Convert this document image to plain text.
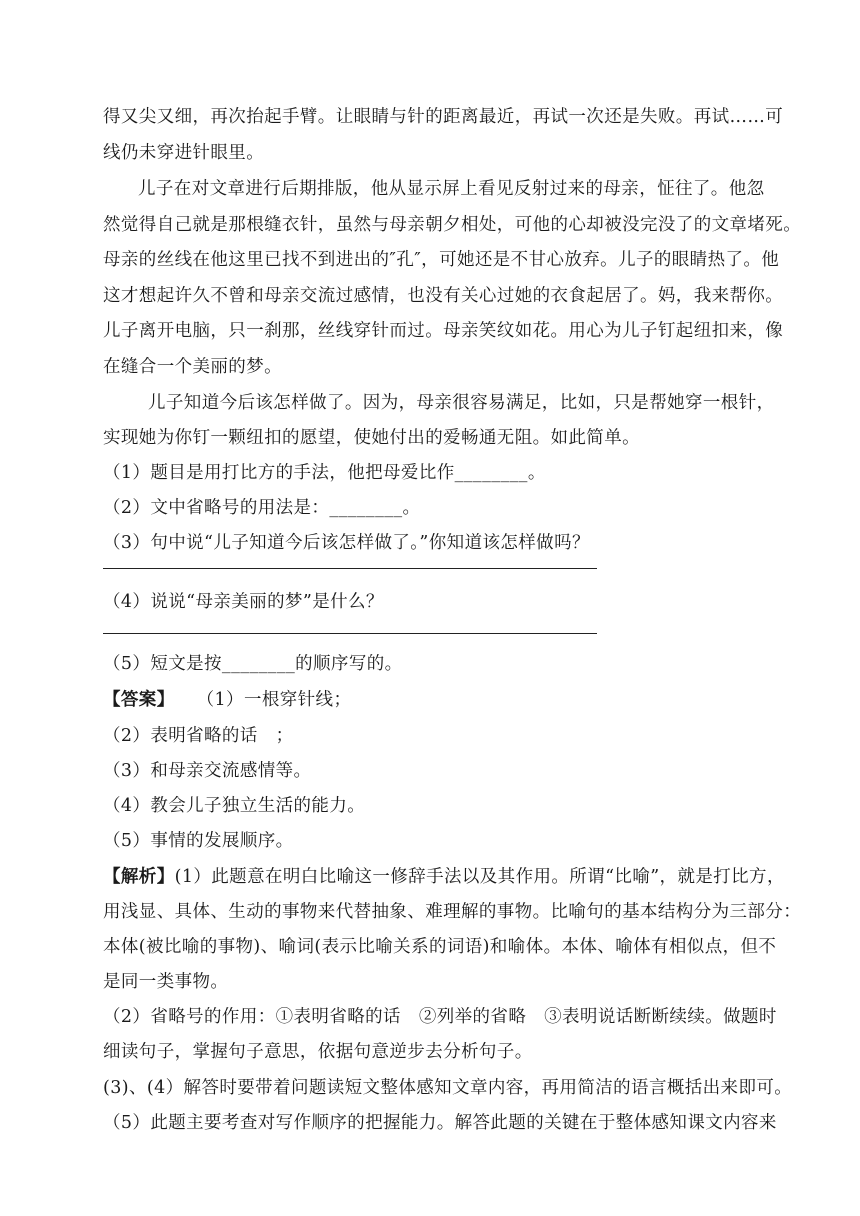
得又尖又细，再次抬起手臂。让眼睛与针的距离最近，再试一次还是失败。再试……可
线仍未穿进针眼里。
儿子在对文章进行后期排版，他从显示屏上看见反射过来的母亲，怔往了。他忽
然觉得自己就是那根缝衣针，虽然与母亲朝夕相处，可他的心却被没完没了的文章堵死。
母亲的丝线在他这里已找不到进出的″孔″，可她还是不甘心放弃。儿子的眼睛热了。他
这才想起许久不曾和母亲交流过感情，也没有关心过她的衣食起居了。妈，我来帮你。
儿子离开电脑，只一刹那，丝线穿针而过。母亲笑纹如花。用心为儿子钉起纽扣来，像
在缝合一个美丽的梦。
儿子知道今后该怎样做了。因为，母亲很容易满足，比如，只是帮她穿一根针，
实现她为你钉一颗纽扣的愿望，使她付出的爱畅通无阻。如此简单。
（1）题目是用打比方的手法，他把母爱比作________。
（2）文中省略号的用法是：________。
（3）句中说“儿子知道今后该怎样做了。”你知道该怎样做吗？
（4）说说“母亲美丽的梦”是什么？
（5）短文是按________的顺序写的。
【答案】 （1）一根穿针线；
（2）表明省略的话　；
（3）和母亲交流感情等。
（4）教会儿子独立生活的能力。
（5）事情的发展顺序。
【解析】(1）此题意在明白比喻这一修辞手法以及其作用。所谓“比喻”，就是打比方，
用浅显、具体、生动的事物来代替抽象、难理解的事物。比喻句的基本结构分为三部分：
本体(被比喻的事物)、喻词(表示比喻关系的词语)和喻体。本体、喻体有相似点，但不
是同一类事物。
（2）省略号的作用：①表明省略的话　②列举的省略　③表明说话断断续续。做题时
细读句子，掌握句子意思，依据句意逆步去分析句子。
(3)、(4）解答时要带着问题读短文整体感知文章内容，再用简洁的语言概括出来即可。
（5）此题主要考查对写作顺序的把握能力。解答此题的关键在于整体感知课文内容来
